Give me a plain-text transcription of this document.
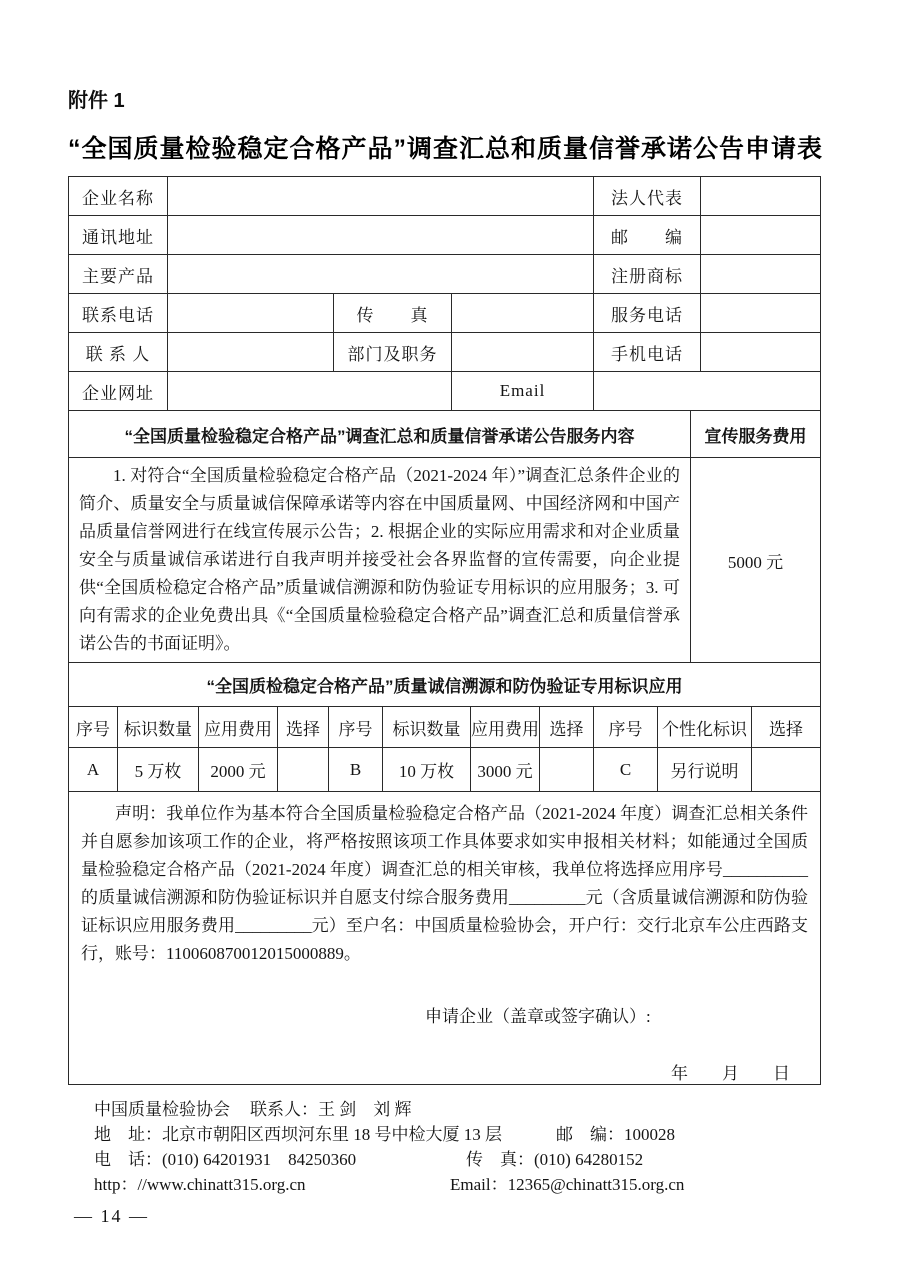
附件 1
“全国质量检验稳定合格产品”调查汇总和质量信誉承诺公告申请表
企业名称				法人代表	
通讯地址				邮　　编	
主要产品				注册商标	
联系电话		传　　真		服务电话	
联 系 人		部门及职务		手机电话	
企业网址			Email		
“全国质量检验稳定合格产品”调查汇总和质量信誉承诺公告服务内容	宣传服务费用

1. 对符合“全国质量检验稳定合格产品（2021-2024 年）”调查汇总条件企业的简介、质量安全与质量诚信保障承诺等内容在中国质量网、中国经济网和中国产品质量信誉网进行在线宣传展示公告；2. 根据企业的实际应用需求和对企业质量安全与质量诚信承诺进行自我声明并接受社会各界监督的宣传需要，向企业提供“全国质检稳定合格产品”质量诚信溯源和防伪验证专用标识的应用服务；3. 可向有需求的企业免费出具《“全国质量检验稳定合格产品”调查汇总和质量信誉承诺公告的书面证明》。	5000 元
“全国质检稳定合格产品”质量诚信溯源和防伪验证专用标识应用										
序号	标识数量	应用费用	选择	序号	标识数量	应用费用	选择	序号	个性化标识	选择
A	5 万枚	2000 元		B	10 万枚	3000 元		C	另行说明	

声明：我单位作为基本符合全国质量检验稳定合格产品（2021-2024 年度）调查汇总相关条件并自愿参加该项工作的企业，将严格按照该项工作具体要求如实申报相关材料；如能通过全国质量检验稳定合格产品（2021-2024 年度）调查汇总的相关审核，我单位将选择应用序号__________的质量诚信溯源和防伪验证标识并自愿支付综合服务费用_________元（含质量诚信溯源和防伪验证标识应用服务费用_________元）至户名：中国质量检验协会，开户行：交行北京车公庄西路支行，账号：110060870012015000889。

申请企业（盖章或签字确认）:
年　　月　　日
中国质量检验协会	联系人：王 剑　刘 辉
地　址：北京市朝阳区西坝河东里 18 号中检大厦 13 层	邮　编：100028
电　话：(010) 64201931　84250360	传　真：(010) 64280152
http：//www.chinatt315.org.cn	Email：12365@chinatt315.org.cn
— 14 —
